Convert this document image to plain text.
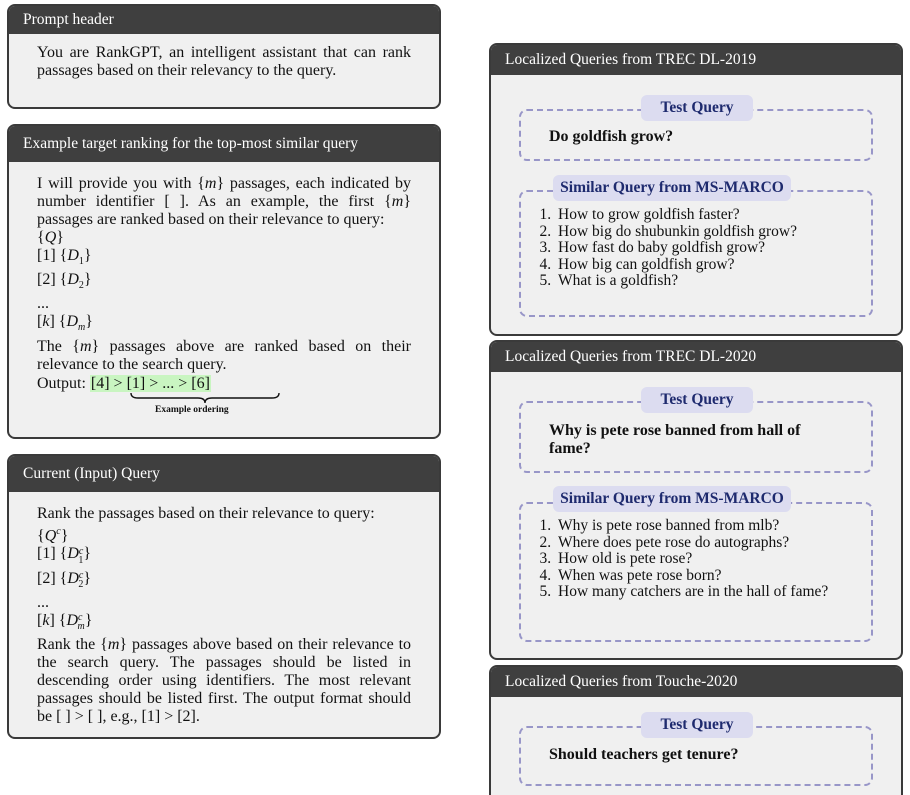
Prompt header
You are RankGPT, an intelligent assistant that can rank passages based on their relevancy to the query.
Example target ranking for the top-most similar query
I will provide you with {m} passages, each indicated by number identifier [ ]. As an example, the first {m} passages are ranked based on their relevance to query:
{Q}
[1] $\{D_1\}$
[2] $\{D_2\}$
...
[k] $\{D_m\}$
The {m} passages above are ranked based on their relevance to the search query.
Output: [4] > [1] > ... > [6]
Example ordering
Current (Input) Query
Rank the passages based on their relevance to query:
$\{Q^c\}$
[1] $\{D_{c1}\}$
[2] $\{D_{c2}\}$
...
[k] $\{D_{cm}\}$
Rank the {m} passages above based on their relevance to the search query. The passages should be listed in descending order using identifiers. The most relevant passages should be listed first. The output format should be [ ] > [ ], e.g., [1] > [2].
Localized Queries from TREC DL-2019
Test Query
Do goldfish grow?
Similar Query from MS-MARCO
1. How to grow goldfish faster?
2. How big do shubunkin goldfish grow?
3. How fast do baby goldfish grow?
4. How big can goldfish grow?
5. What is a goldfish?
Localized Queries from TREC DL-2020
Test Query
Why is pete rose banned from hall of fame?
Similar Query from MS-MARCO
1. Why is pete rose banned from mlb?
2. Where does pete rose do autographs?
3. How old is pete rose?
4. When was pete rose born?
5. How many catchers are in the hall of fame?
Localized Queries from Touche-2020
Test Query
Should teachers get tenure?
